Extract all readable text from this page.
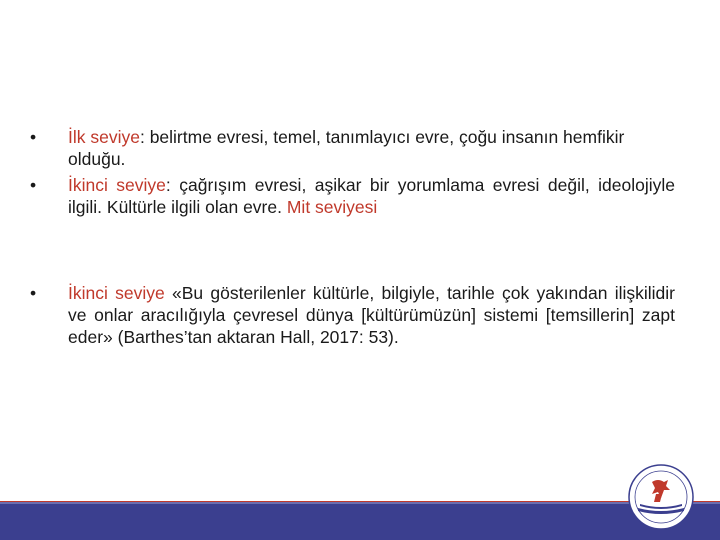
•	İlk seviye: belirtme evresi, temel, tanımlayıcı evre, çoğu insanın hemfikir olduğu.
•	İkinci seviye: çağrışım evresi, aşikar bir yorumlama evresi değil, ideolojiyle ilgili. Kültürle ilgili olan evre. Mit seviyesi
•	İkinci seviye «Bu gösterilenler kültürle, bilgiyle, tarihle çok yakından ilişkilidir ve onlar aracılığıyla çevresel dünya [kültürümüzün] sistemi [temsillerin] zapt eder» (Barthes’tan aktaran Hall, 2017: 53).
